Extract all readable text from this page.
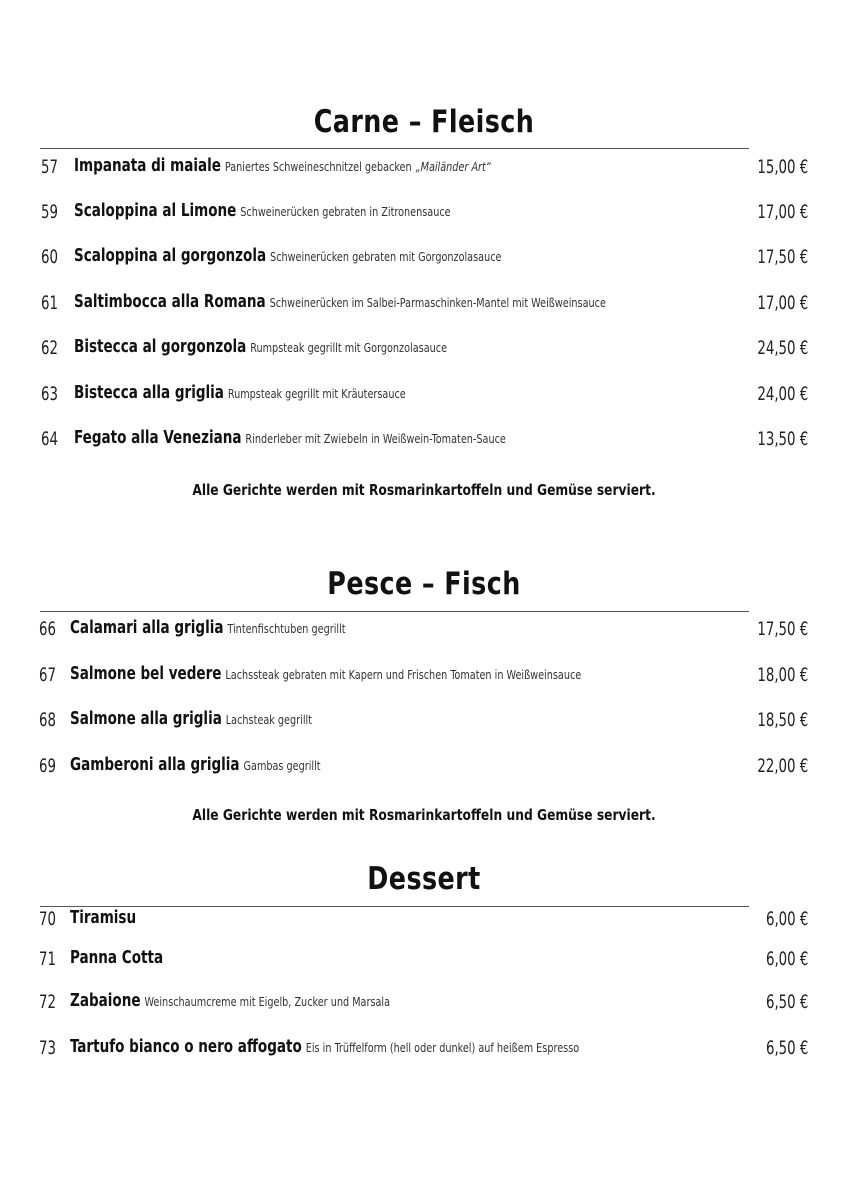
Carne – Fleisch
57 Impanata di maiale Paniertes Schweineschnitzel gebacken „Mailänder Art“	15,00 €
59 Scaloppina al Limone Schweinerücken gebraten in Zitronensauce	17,00 €
60 Scaloppina al gorgonzola Schweinerücken gebraten mit Gorgonzolasauce	17,50 €
61 Saltimbocca alla Romana Schweinerücken im Salbei-Parmaschinken-Mantel mit Weißweinsauce	17,00 €
62 Bistecca al gorgonzola Rumpsteak gegrillt mit Gorgonzolasauce	24,50 €
63 Bistecca alla griglia Rumpsteak gegrillt mit Kräutersauce	24,00 €
64 Fegato alla Veneziana Rinderleber mit Zwiebeln in Weißwein-Tomaten-Sauce	13,50 €

Alle Gerichte werden mit Rosmarinkartoffeln und Gemüse serviert.

Pesce – Fisch
66 Calamari alla griglia Tintenfischtuben gegrillt	17,50 €
67 Salmone bel vedere Lachssteak gebraten mit Kapern und Frischen Tomaten in Weißweinsauce	18,00 €
68 Salmone alla griglia Lachsteak gegrillt	18,50 €
69 Gamberoni alla griglia Gambas gegrillt	22,00 €

Alle Gerichte werden mit Rosmarinkartoffeln und Gemüse serviert.

Dessert
70 Tiramisu	6,00 €
71 Panna Cotta	6,00 €
72 Zabaione Weinschaumcreme mit Eigelb, Zucker und Marsala	6,50 €
73 Tartufo bianco o nero affogato Eis in Trüffelform (hell oder dunkel) auf heißem Espresso	6,50 €
